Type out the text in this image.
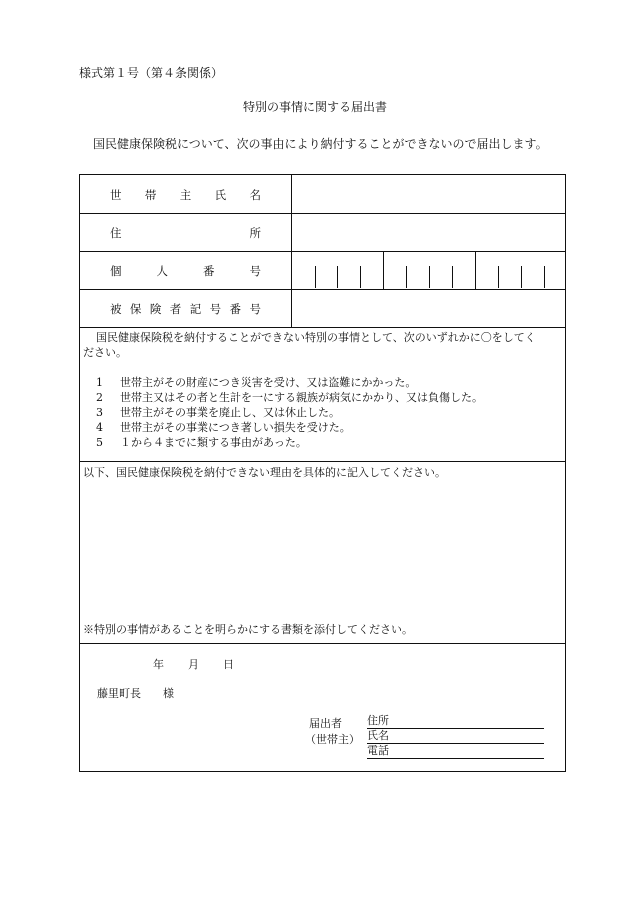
様式第１号（第４条関係）
特別の事情に関する届出書
国民健康保険税について、次の事由により納付することができないので届出します。
世 帯 主 氏 名
住	所
個	人	番	号
被 保 険 者 記 号 番 号
国民健康保険税を納付することができない特別の事情として、次のいずれかに〇をしてく
ださい。
1 世帯主がその財産につき災害を受け、又は盗難にかかった。
2 世帯主又はその者と生計を一にする親族が病気にかかり、又は負傷した。
3 世帯主がその事業を廃止し、又は休止した。
4 世帯主がその事業につき著しい損失を受けた。
5 １から４までに類する事由があった。
以下、国民健康保険税を納付できない理由を具体的に記入してください。
※特別の事情があることを明らかにする書類を添付してください。
年 月 日
藤里町長　　様
届出者
（世帯主）
住所
氏名
電話
